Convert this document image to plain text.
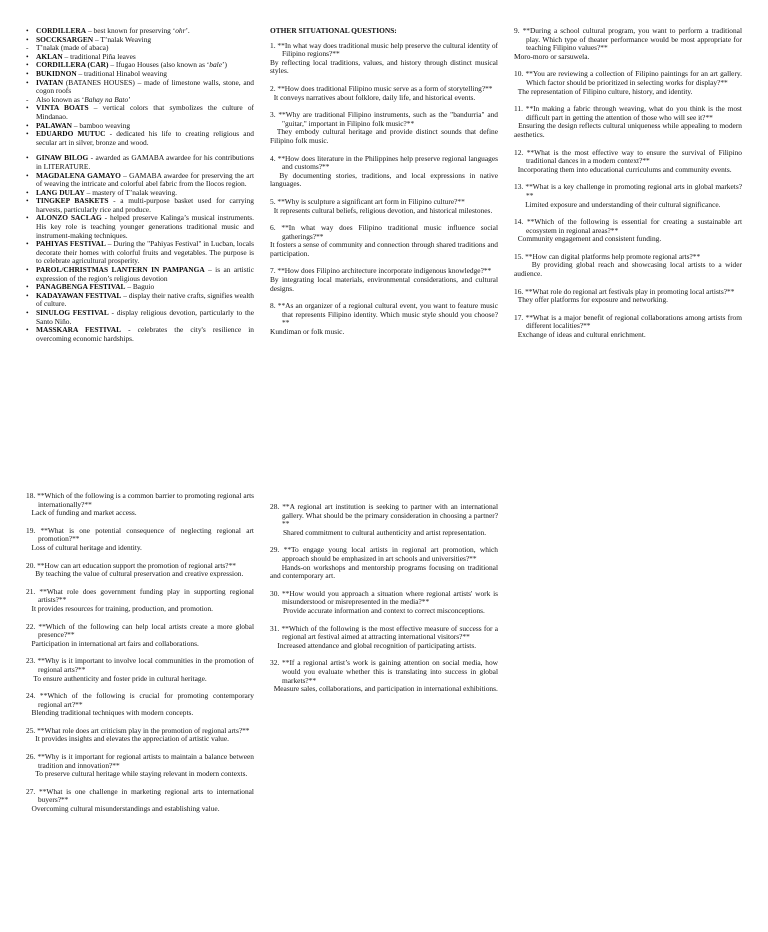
• CORDILLERA – best known for preserving ‘ohr’.
• SOCCKSARGEN – T’nalak Weaving
- T’nalak (made of abaca)
• AKLAN – traditional Piña leaves
• CORDILLERA (CAR) – Ifugao Houses (also known as ‘bale’)
• BUKIDNON – traditional Hinabol weaving
• IVATAN (BATANES HOUSES) – made of limestone walls, stone, and cogon roofs
- Also known as ‘Bahay na Bato’
• VINTA BOATS – vertical colors that symbolizes the culture of Mindanao.
• PALAWAN – bamboo weaving
• EDUARDO MUTUC - dedicated his life to creating religious and secular art in silver, bronze and wood.
• GINAW BILOG - awarded as GAMABA awardee for his contributions in LITERATURE.
• MAGDALENA GAMAYO – GAMABA awardee for preserving the art of weaving the intricate and colorful abel fabric from the Ilocos region.
• LANG DULAY – mastery of T’nalak weaving.
• TINGKEP BASKETS - a multi-purpose basket used for carrying harvests, particularly rice and produce.
• ALONZO SACLAG - helped preserve Kalinga’s musical instruments. His key role is teaching younger generations traditional music and instrument-making techniques.
• PAHIYAS FESTIVAL – During the "Pahiyas Festival" in Lucban, locals decorate their homes with colorful fruits and vegetables. The purpose is to celebrate agricultural prosperity.
• PAROL/CHRISTMAS LANTERN IN PAMPANGA – is an artistic expression of the region’s religious devotion
• PANAGBENGA FESTIVAL – Baguio
• KADAYAWAN FESTIVAL – display their native crafts, signifies wealth of culture.
• SINULOG FESTIVAL - display religious devotion, particularly to the Santo Niño.
• MASSKARA FESTIVAL - celebrates the city's resilience in overcoming economic hardships.
OTHER SITUATIONAL QUESTIONS:
1. **In what way does traditional music help preserve the cultural identity of Filipino regions?**
By reflecting local traditions, values, and history through distinct musical styles.
2. **How does traditional Filipino music serve as a form of storytelling?**
It conveys narratives about folklore, daily life, and historical events.
3. **Why are traditional Filipino instruments, such as the "bandurria" and "guitar," important in Filipino folk music?**
They embody cultural heritage and provide distinct sounds that define Filipino folk music.
4. **How does literature in the Philippines help preserve regional languages and customs?**
By documenting stories, traditions, and local expressions in native languages.
5. **Why is sculpture a significant art form in Filipino culture?**
It represents cultural beliefs, religious devotion, and historical milestones.
6. **In what way does Filipino traditional music influence social gatherings?**
It fosters a sense of community and connection through shared traditions and participation.
7. **How does Filipino architecture incorporate indigenous knowledge?**
By integrating local materials, environmental considerations, and cultural designs.
8. **As an organizer of a regional cultural event, you want to feature music that represents Filipino identity. Which music style should you choose?**
Kundiman or folk music.
9. **During a school cultural program, you want to perform a traditional play. Which type of theater performance would be most appropriate for teaching Filipino values?**
Moro-moro or sarsuwela.
10. **You are reviewing a collection of Filipino paintings for an art gallery. Which factor should be prioritized in selecting works for display?**
The representation of Filipino culture, history, and identity.
11. **In making a fabric through weaving, what do you think is the most difficult part in getting the attention of those who will see it?**
Ensuring the design reflects cultural uniqueness while appealing to modern aesthetics.
12. **What is the most effective way to ensure the survival of Filipino traditional dances in a modern context?**
Incorporating them into educational curriculums and community events.
13. **What is a key challenge in promoting regional arts in global markets?**
Limited exposure and understanding of their cultural significance.
14. **Which of the following is essential for creating a sustainable art ecosystem in regional areas?**
Community engagement and consistent funding.
15. **How can digital platforms help promote regional arts?**
By providing global reach and showcasing local artists to a wider audience.
16. **What role do regional art festivals play in promoting local artists?**
They offer platforms for exposure and networking.
17. **What is a major benefit of regional collaborations among artists from different localities?**
Exchange of ideas and cultural enrichment.
18. **Which of the following is a common barrier to promoting regional arts internationally?**
Lack of funding and market access.
19. **What is one potential consequence of neglecting regional art promotion?**
Loss of cultural heritage and identity.
20. **How can art education support the promotion of regional arts?**
By teaching the value of cultural preservation and creative expression.
21. **What role does government funding play in supporting regional artists?**
It provides resources for training, production, and promotion.
22. **Which of the following can help local artists create a more global presence?**
Participation in international art fairs and collaborations.
23. **Why is it important to involve local communities in the promotion of regional arts?**
To ensure authenticity and foster pride in cultural heritage.
24. **Which of the following is crucial for promoting contemporary regional art?**
Blending traditional techniques with modern concepts.
25. **What role does art criticism play in the promotion of regional arts?**
It provides insights and elevates the appreciation of artistic value.
26. **Why is it important for regional artists to maintain a balance between tradition and innovation?**
To preserve cultural heritage while staying relevant in modern contexts.
27. **What is one challenge in marketing regional arts to international buyers?**
Overcoming cultural misunderstandings and establishing value.
28. **A regional art institution is seeking to partner with an international gallery. What should be the primary consideration in choosing a partner?**
Shared commitment to cultural authenticity and artist representation.
29. **To engage young local artists in regional art promotion, which approach should be emphasized in art schools and universities?**
Hands-on workshops and mentorship programs focusing on traditional and contemporary art.
30. **How would you approach a situation where regional artists' work is misunderstood or misrepresented in the media?**
Provide accurate information and context to correct misconceptions.
31. **Which of the following is the most effective measure of success for a regional art festival aimed at attracting international visitors?**
Increased attendance and global recognition of participating artists.
32. **If a regional artist’s work is gaining attention on social media, how would you evaluate whether this is translating into success in global markets?**
Measure sales, collaborations, and participation in international exhibitions.
